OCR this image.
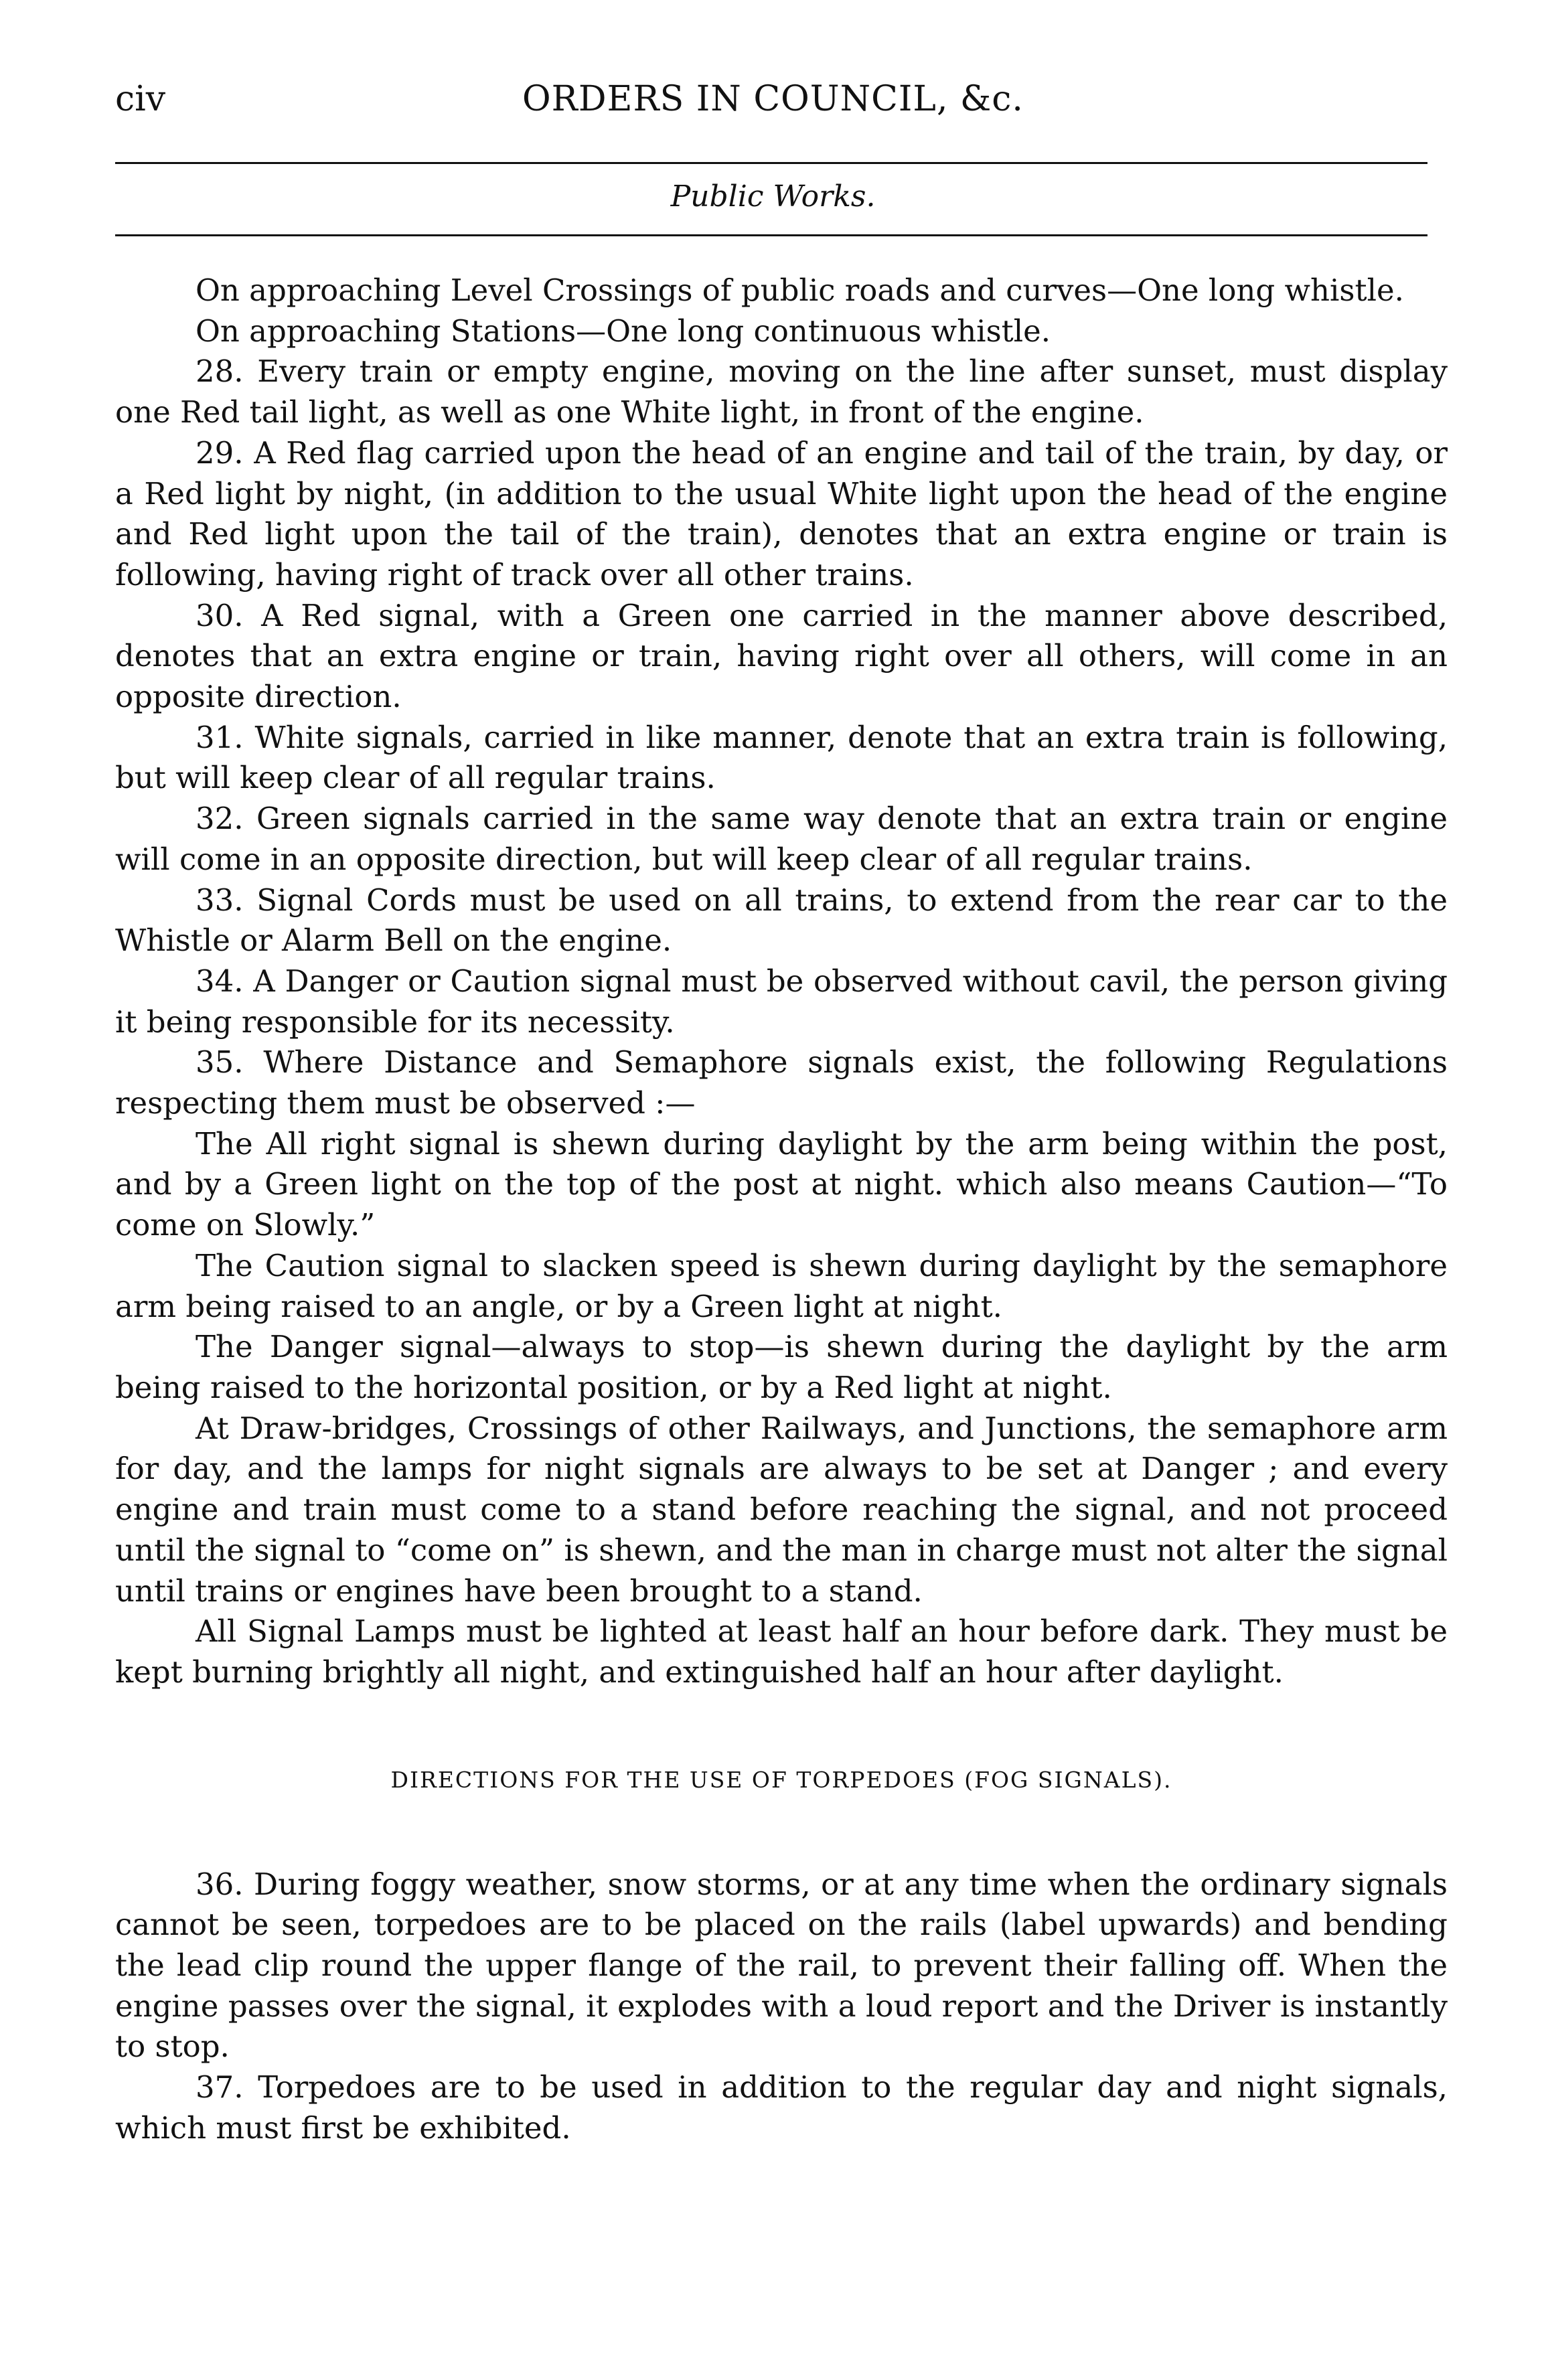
civ	ORDERS IN COUNCIL, &c.
Public Works.

On approaching Level Crossings of public roads and curves—One long whistle.

On approaching Stations—One long continuous whistle.

28. Every train or empty engine, moving on the line after sunset, must display one Red tail light, as well as one White light, in front of the engine.

29. A Red flag carried upon the head of an engine and tail of the train, by day, or a Red light by night, (in addition to the usual White light upon the head of the engine and Red light upon the tail of the train), denotes that an extra engine or train is following, having right of track over all other trains.

30. A Red signal, with a Green one carried in the manner above described, denotes that an extra engine or train, having right over all others, will come in an opposite direction.

31. White signals, carried in like manner, denote that an extra train is following, but will keep clear of all regular trains.

32. Green signals carried in the same way denote that an extra train or engine will come in an opposite direction, but will keep clear of all regular trains.

33. Signal Cords must be used on all trains, to extend from the rear car to the Whistle or Alarm Bell on the engine.

34. A Danger or Caution signal must be observed without cavil, the person giving it being responsible for its necessity.

35. Where Distance and Semaphore signals exist, the following Regulations respecting them must be observed :—

The All right signal is shewn during daylight by the arm being within the post, and by a Green light on the top of the post at night. which also means Caution—“To come on Slowly.”

The Caution signal to slacken speed is shewn during daylight by the semaphore arm being raised to an angle, or by a Green light at night.

The Danger signal—always to stop—is shewn during the daylight by the arm being raised to the horizontal position, or by a Red light at night.

At Draw-bridges, Crossings of other Railways, and Junctions, the semaphore arm for day, and the lamps for night signals are always to be set at Danger ; and every engine and train must come to a stand before reaching the signal, and not proceed until the signal to “come on” is shewn, and the man in charge must not alter the signal until trains or engines have been brought to a stand.

All Signal Lamps must be lighted at least half an hour before dark. They must be kept burning brightly all night, and extinguished half an hour after daylight.

DIRECTIONS FOR THE USE OF TORPEDOES (FOG SIGNALS).

36. During foggy weather, snow storms, or at any time when the ordinary signals cannot be seen, torpedoes are to be placed on the rails (label upwards) and bending the lead clip round the upper flange of the rail, to prevent their falling off. When the engine passes over the signal, it explodes with a loud report and the Driver is instantly to stop.

37. Torpedoes are to be used in addition to the regular day and night signals, which must first be exhibited.
